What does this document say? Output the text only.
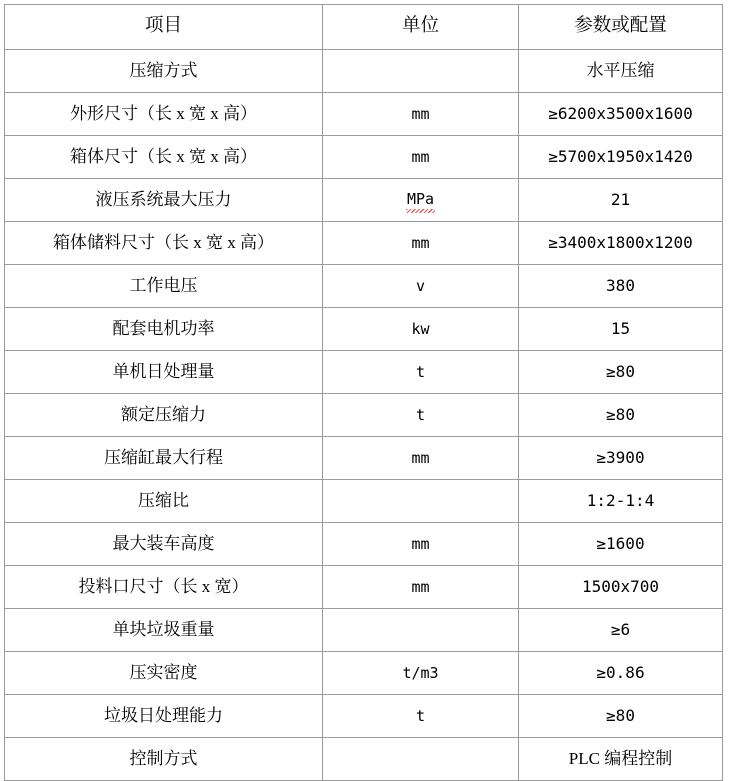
项目	单位	参数或配置
压缩方式		水平压缩
外形尺寸（长 x 宽 x 高）	mm	≥6200x3500x1600
箱体尺寸（长 x 宽 x 高）	mm	≥5700x1950x1420
液压系统最大压力	MPa	21
箱体储料尺寸（长 x 宽 x 高）	mm	≥3400x1800x1200
工作电压	v	380
配套电机功率	kw	15
单机日处理量	t	≥80
额定压缩力	t	≥80
压缩缸最大行程	mm	≥3900
压缩比		1:2-1:4
最大装车高度	mm	≥1600
投料口尺寸（长 x 宽）	mm	1500x700
单块垃圾重量		≥6
压实密度	t/m3	≥0.86
垃圾日处理能力	t	≥80
控制方式		PLC 编程控制
